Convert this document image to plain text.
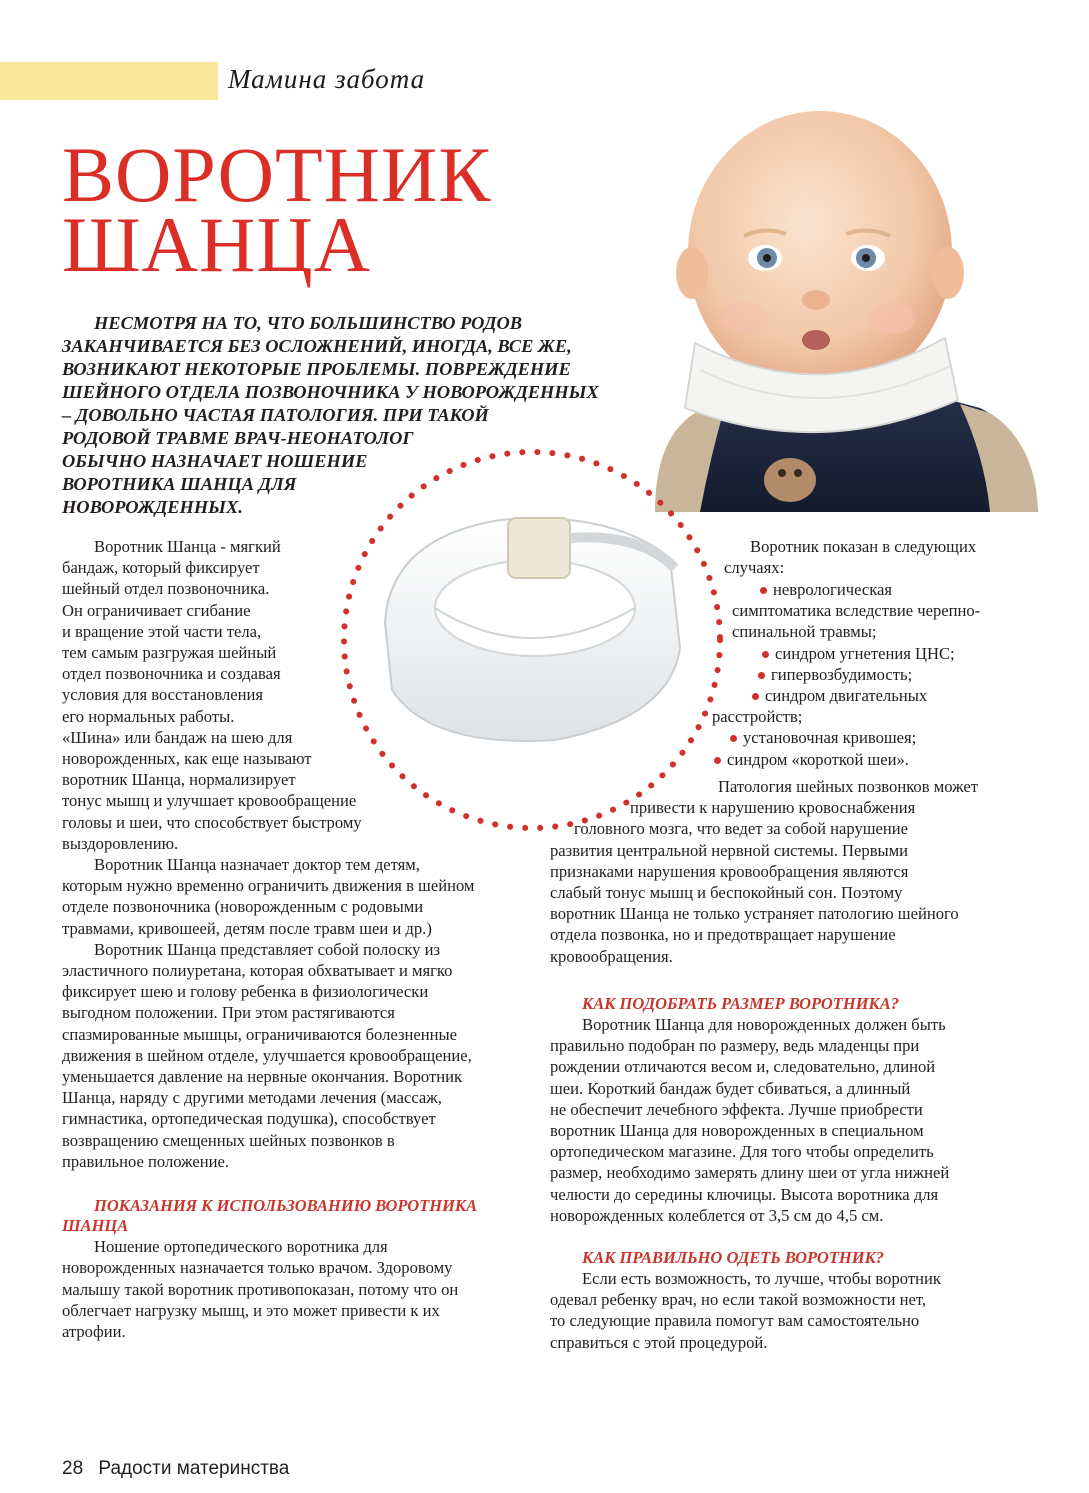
Мамина забота
ВОРОТНИК
ШАНЦА
НЕСМОТРЯ НА ТО, ЧТО БОЛЬШИНСТВО РОДОВ
ЗАКАНЧИВАЕТСЯ БЕЗ ОСЛОЖНЕНИЙ, ИНОГДА, ВСЕ ЖЕ,
ВОЗНИКАЮТ НЕКОТОРЫЕ ПРОБЛЕМЫ. ПОВРЕЖДЕНИЕ
ШЕЙНОГО ОТДЕЛА ПОЗВОНОЧНИКА У НОВОРОЖДЕННЫХ
– ДОВОЛЬНО ЧАСТАЯ ПАТОЛОГИЯ. ПРИ ТАКОЙ
РОДОВОЙ ТРАВМЕ ВРАЧ-НЕОНАТОЛОГ
ОБЫЧНО НАЗНАЧАЕТ НОШЕНИЕ
ВОРОТНИКА ШАНЦА ДЛЯ
НОВОРОЖДЕННЫХ.
Воротник Шанца - мягкий
бандаж, который фиксирует
шейный отдел позвоночника.
Он ограничивает сгибание
и вращение этой части тела,
тем самым разгружая шейный
отдел позвоночника и создавая
условия для восстановления
его нормальных работы.
«Шина» или бандаж на шею для
новорожденных, как еще называют
воротник Шанца, нормализирует
тонус мышц и улучшает кровообращение
головы и шеи, что способствует быстрому
выздоровлению.
Воротник Шанца назначает доктор тем детям,
которым нужно временно ограничить движения в шейном
отделе позвоночника (новорожденным с родовыми
травмами, кривошеей, детям после травм шеи и др.)
Воротник Шанца представляет собой полоску из
эластичного полиуретана, которая обхватывает и мягко
фиксирует шею и голову ребенка в физиологически
выгодном положении. При этом растягиваются
спазмированные мышцы, ограничиваются болезненные
движения в шейном отделе, улучшается кровообращение,
уменьшается давление на нервные окончания. Воротник
Шанца, наряду с другими методами лечения (массаж,
гимнастика, ортопедическая подушка), способствует
возвращению смещенных шейных позвонков в
правильное положение.
ПОКАЗАНИЯ К ИСПОЛЬЗОВАНИЮ ВОРОТНИКА
ШАНЦА
Ношение ортопедического воротника для
новорожденных назначается только врачом. Здоровому
малышу такой воротник противопоказан, потому что он
облегчает нагрузку мышц, и это может привести к их
атрофии.
Воротник показан в следующих
случаях:
неврологическая
симптоматика вследствие черепно-
спинальной травмы;
синдром угнетения ЦНС;
гипервозбудимость;
синдром двигательных
расстройств;
установочная кривошея;
синдром «короткой шеи».
Патология шейных позвонков может
привести к нарушению кровоснабжения
головного мозга, что ведет за собой нарушение
развития центральной нервной системы. Первыми
признаками нарушения кровообращения являются
слабый тонус мышц и беспокойный сон. Поэтому
воротник Шанца не только устраняет патологию шейного
отдела позвонка, но и предотвращает нарушение
кровообращения.
КАК ПОДОБРАТЬ РАЗМЕР ВОРОТНИКА?
Воротник Шанца для новорожденных должен быть
правильно подобран по размеру, ведь младенцы при
рождении отличаются весом и, следовательно, длиной
шеи. Короткий бандаж будет сбиваться, а длинный
не обеспечит лечебного эффекта. Лучше приобрести
воротник Шанца для новорожденных в специальном
ортопедическом магазине. Для того чтобы определить
размер, необходимо замерять длину шеи от угла нижней
челюсти до середины ключицы. Высота воротника для
новорожденных колеблется от 3,5 см до 4,5 см.
КАК ПРАВИЛЬНО ОДЕТЬ ВОРОТНИК?
Если есть возможность, то лучше, чтобы воротник
одевал ребенку врач, но если такой возможности нет,
то следующие правила помогут вам самостоятельно
справиться с этой процедурой.
28 Радости материнства
